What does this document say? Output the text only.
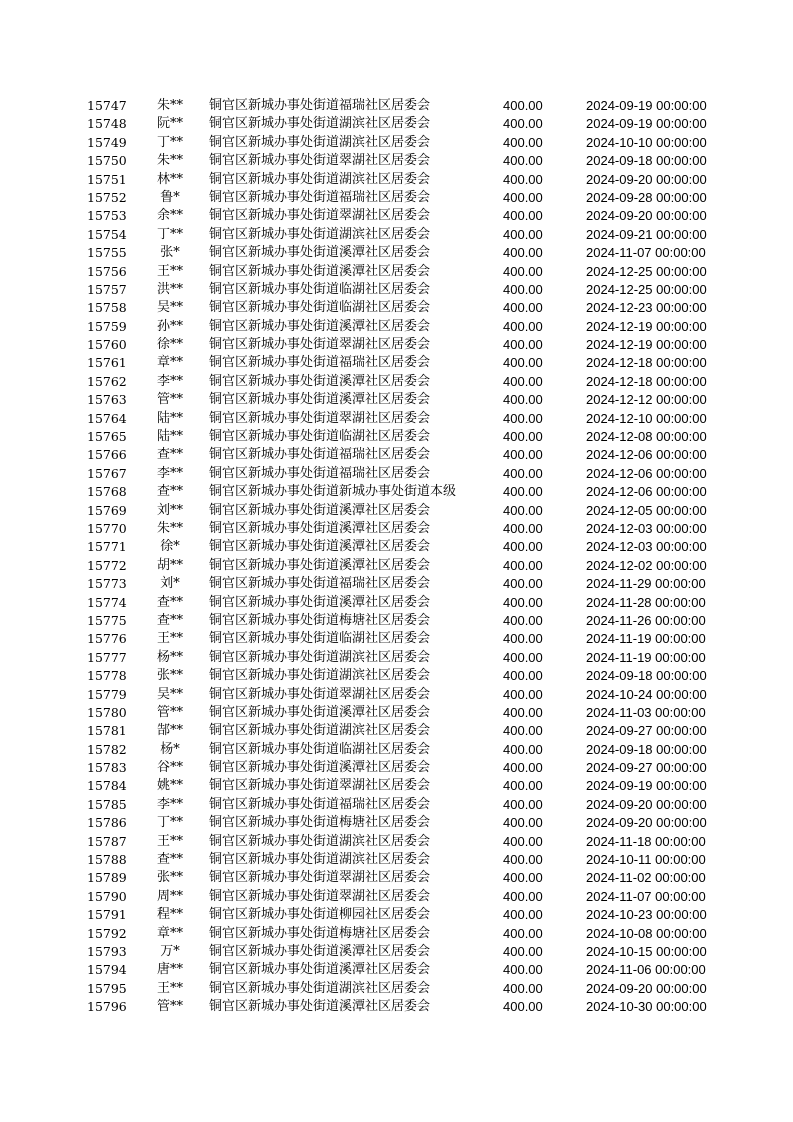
15747	朱**	铜官区新城办事处街道福瑞社区居委会	400.00	2024-09-19 00:00:00
15748	阮**	铜官区新城办事处街道湖滨社区居委会	400.00	2024-09-19 00:00:00
15749	丁**	铜官区新城办事处街道湖滨社区居委会	400.00	2024-10-10 00:00:00
15750	朱**	铜官区新城办事处街道翠湖社区居委会	400.00	2024-09-18 00:00:00
15751	林**	铜官区新城办事处街道湖滨社区居委会	400.00	2024-09-20 00:00:00
15752	鲁*	铜官区新城办事处街道福瑞社区居委会	400.00	2024-09-28 00:00:00
15753	余**	铜官区新城办事处街道翠湖社区居委会	400.00	2024-09-20 00:00:00
15754	丁**	铜官区新城办事处街道湖滨社区居委会	400.00	2024-09-21 00:00:00
15755	张*	铜官区新城办事处街道溪潭社区居委会	400.00	2024-11-07 00:00:00
15756	王**	铜官区新城办事处街道溪潭社区居委会	400.00	2024-12-25 00:00:00
15757	洪**	铜官区新城办事处街道临湖社区居委会	400.00	2024-12-25 00:00:00
15758	吴**	铜官区新城办事处街道临湖社区居委会	400.00	2024-12-23 00:00:00
15759	孙**	铜官区新城办事处街道溪潭社区居委会	400.00	2024-12-19 00:00:00
15760	徐**	铜官区新城办事处街道翠湖社区居委会	400.00	2024-12-19 00:00:00
15761	章**	铜官区新城办事处街道福瑞社区居委会	400.00	2024-12-18 00:00:00
15762	李**	铜官区新城办事处街道溪潭社区居委会	400.00	2024-12-18 00:00:00
15763	管**	铜官区新城办事处街道溪潭社区居委会	400.00	2024-12-12 00:00:00
15764	陆**	铜官区新城办事处街道翠湖社区居委会	400.00	2024-12-10 00:00:00
15765	陆**	铜官区新城办事处街道临湖社区居委会	400.00	2024-12-08 00:00:00
15766	查**	铜官区新城办事处街道福瑞社区居委会	400.00	2024-12-06 00:00:00
15767	李**	铜官区新城办事处街道福瑞社区居委会	400.00	2024-12-06 00:00:00
15768	查**	铜官区新城办事处街道新城办事处街道本级	400.00	2024-12-06 00:00:00
15769	刘**	铜官区新城办事处街道溪潭社区居委会	400.00	2024-12-05 00:00:00
15770	朱**	铜官区新城办事处街道溪潭社区居委会	400.00	2024-12-03 00:00:00
15771	徐*	铜官区新城办事处街道溪潭社区居委会	400.00	2024-12-03 00:00:00
15772	胡**	铜官区新城办事处街道溪潭社区居委会	400.00	2024-12-02 00:00:00
15773	刘*	铜官区新城办事处街道福瑞社区居委会	400.00	2024-11-29 00:00:00
15774	查**	铜官区新城办事处街道溪潭社区居委会	400.00	2024-11-28 00:00:00
15775	查**	铜官区新城办事处街道梅塘社区居委会	400.00	2024-11-26 00:00:00
15776	王**	铜官区新城办事处街道临湖社区居委会	400.00	2024-11-19 00:00:00
15777	杨**	铜官区新城办事处街道湖滨社区居委会	400.00	2024-11-19 00:00:00
15778	张**	铜官区新城办事处街道湖滨社区居委会	400.00	2024-09-18 00:00:00
15779	吴**	铜官区新城办事处街道翠湖社区居委会	400.00	2024-10-24 00:00:00
15780	管**	铜官区新城办事处街道溪潭社区居委会	400.00	2024-11-03 00:00:00
15781	郜**	铜官区新城办事处街道湖滨社区居委会	400.00	2024-09-27 00:00:00
15782	杨*	铜官区新城办事处街道临湖社区居委会	400.00	2024-09-18 00:00:00
15783	谷**	铜官区新城办事处街道溪潭社区居委会	400.00	2024-09-27 00:00:00
15784	姚**	铜官区新城办事处街道翠湖社区居委会	400.00	2024-09-19 00:00:00
15785	李**	铜官区新城办事处街道福瑞社区居委会	400.00	2024-09-20 00:00:00
15786	丁**	铜官区新城办事处街道梅塘社区居委会	400.00	2024-09-20 00:00:00
15787	王**	铜官区新城办事处街道湖滨社区居委会	400.00	2024-11-18 00:00:00
15788	查**	铜官区新城办事处街道湖滨社区居委会	400.00	2024-10-11 00:00:00
15789	张**	铜官区新城办事处街道翠湖社区居委会	400.00	2024-11-02 00:00:00
15790	周**	铜官区新城办事处街道翠湖社区居委会	400.00	2024-11-07 00:00:00
15791	程**	铜官区新城办事处街道柳园社区居委会	400.00	2024-10-23 00:00:00
15792	章**	铜官区新城办事处街道梅塘社区居委会	400.00	2024-10-08 00:00:00
15793	万*	铜官区新城办事处街道溪潭社区居委会	400.00	2024-10-15 00:00:00
15794	唐**	铜官区新城办事处街道溪潭社区居委会	400.00	2024-11-06 00:00:00
15795	王**	铜官区新城办事处街道湖滨社区居委会	400.00	2024-09-20 00:00:00
15796	管**	铜官区新城办事处街道溪潭社区居委会	400.00	2024-10-30 00:00:00
